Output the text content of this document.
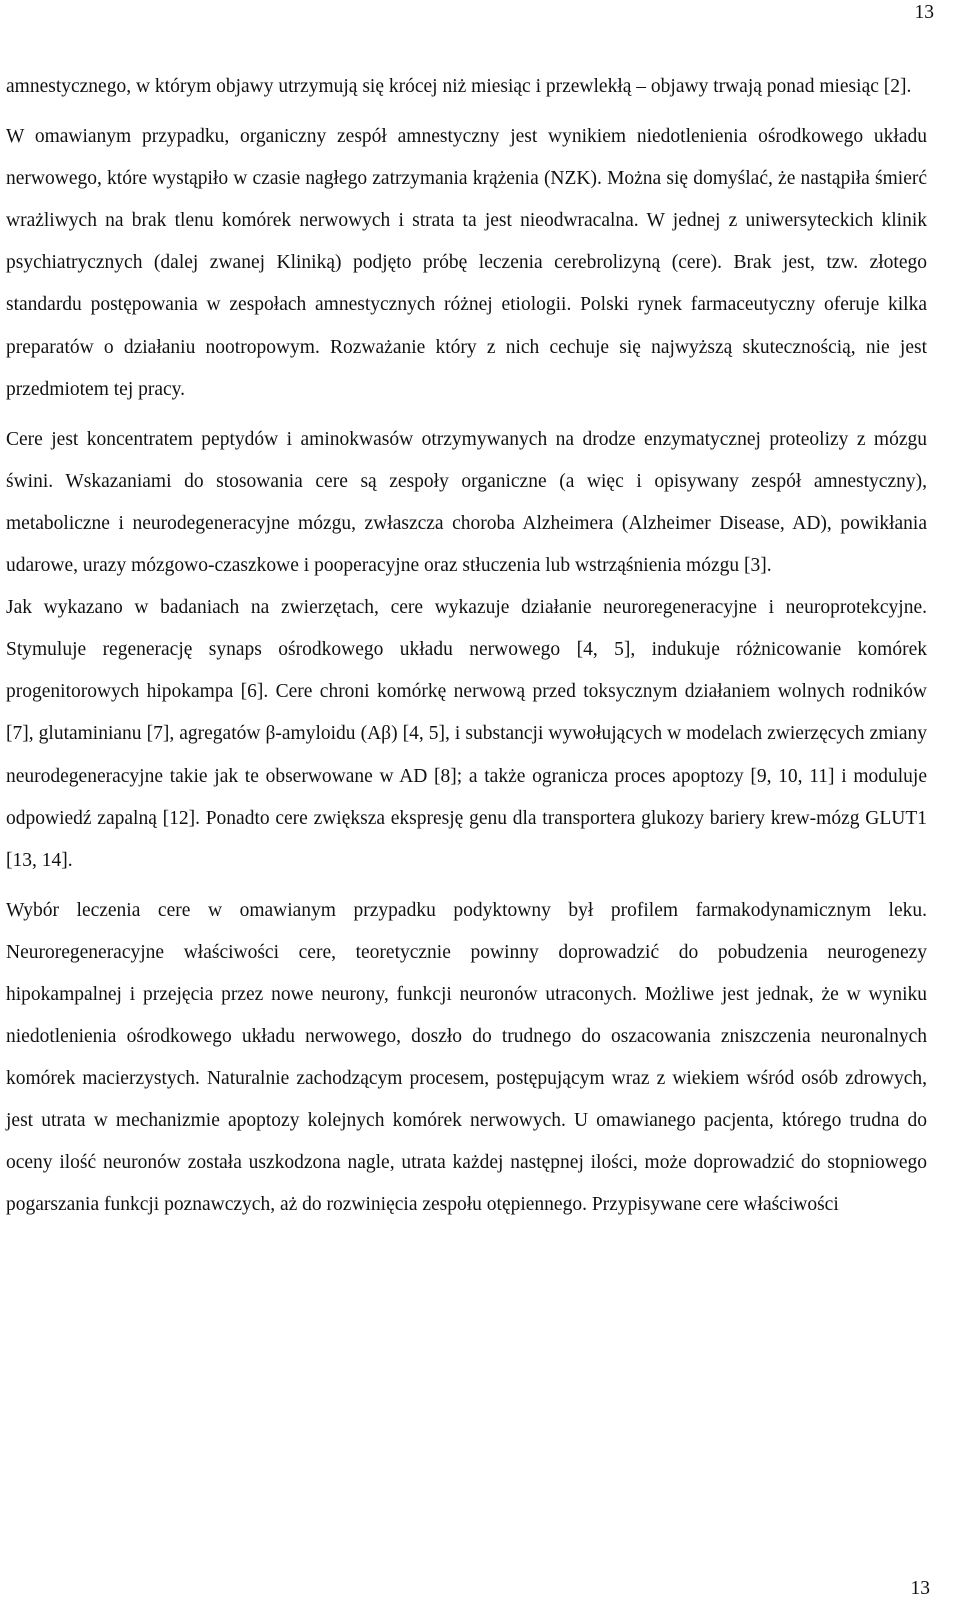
13

amnestycznego, w którym objawy utrzymują się krócej niż miesiąc i przewlekłą – objawy trwają ponad miesiąc [2].

W omawianym przypadku, organiczny zespół amnestyczny jest wynikiem niedotlenienia ośrodkowego układu nerwowego, które wystąpiło w czasie nagłego zatrzymania krążenia (NZK). Można się domyślać, że nastąpiła śmierć wrażliwych na brak tlenu komórek nerwowych i strata ta jest nieodwracalna. W jednej z uniwersyteckich klinik psychiatrycznych (dalej zwanej Kliniką) podjęto próbę leczenia cerebrolizyną (cere). Brak jest, tzw. złotego standardu postępowania w zespołach amnestycznych różnej etiologii. Polski rynek farmaceutyczny oferuje kilka preparatów o działaniu nootropowym. Rozważanie który z nich cechuje się najwyższą skutecznością, nie jest przedmiotem tej pracy.

Cere jest koncentratem peptydów i aminokwasów otrzymywanych na drodze enzymatycznej proteolizy z mózgu świni. Wskazaniami do stosowania cere są zespoły organiczne (a więc i opisywany zespół amnestyczny), metaboliczne i neurodegeneracyjne mózgu, zwłaszcza choroba Alzheimera (Alzheimer Disease, AD), powikłania udarowe, urazy mózgowo-czaszkowe i pooperacyjne oraz stłuczenia lub wstrząśnienia mózgu [3].

Jak wykazano w badaniach na zwierzętach, cere wykazuje działanie neuroregeneracyjne i neuroprotekcyjne. Stymuluje regenerację synaps ośrodkowego układu nerwowego [4, 5], indukuje różnicowanie komórek progenitorowych hipokampa [6]. Cere chroni komórkę nerwową przed toksycznym działaniem wolnych rodników [7], glutaminianu [7], agregatów β-amyloidu (Aβ) [4, 5], i substancji wywołujących w modelach zwierzęcych zmiany neurodegeneracyjne takie jak te obserwowane w AD [8]; a także ogranicza proces apoptozy [9, 10, 11] i moduluje odpowiedź zapalną [12]. Ponadto cere zwiększa ekspresję genu dla transportera glukozy bariery krew-mózg GLUT1 [13, 14].

Wybór leczenia cere w omawianym przypadku podyktowny był profilem farmakodynamicznym leku. Neuroregeneracyjne właściwości cere, teoretycznie powinny doprowadzić do pobudzenia neurogenezy hipokampalnej i przejęcia przez nowe neurony, funkcji neuronów utraconych. Możliwe jest jednak, że w wyniku niedotlenienia ośrodkowego układu nerwowego, doszło do trudnego do oszacowania zniszczenia neuronalnych komórek macierzystych. Naturalnie zachodzącym procesem, postępującym wraz z wiekiem wśród osób zdrowych, jest utrata w mechanizmie apoptozy kolejnych komórek nerwowych. U omawianego pacjenta, którego trudna do oceny ilość neuronów została uszkodzona nagle, utrata każdej następnej ilości, może doprowadzić do stopniowego pogarszania funkcji poznawczych, aż do rozwinięcia zespołu otępiennego. Przypisywane cere właściwości

13
